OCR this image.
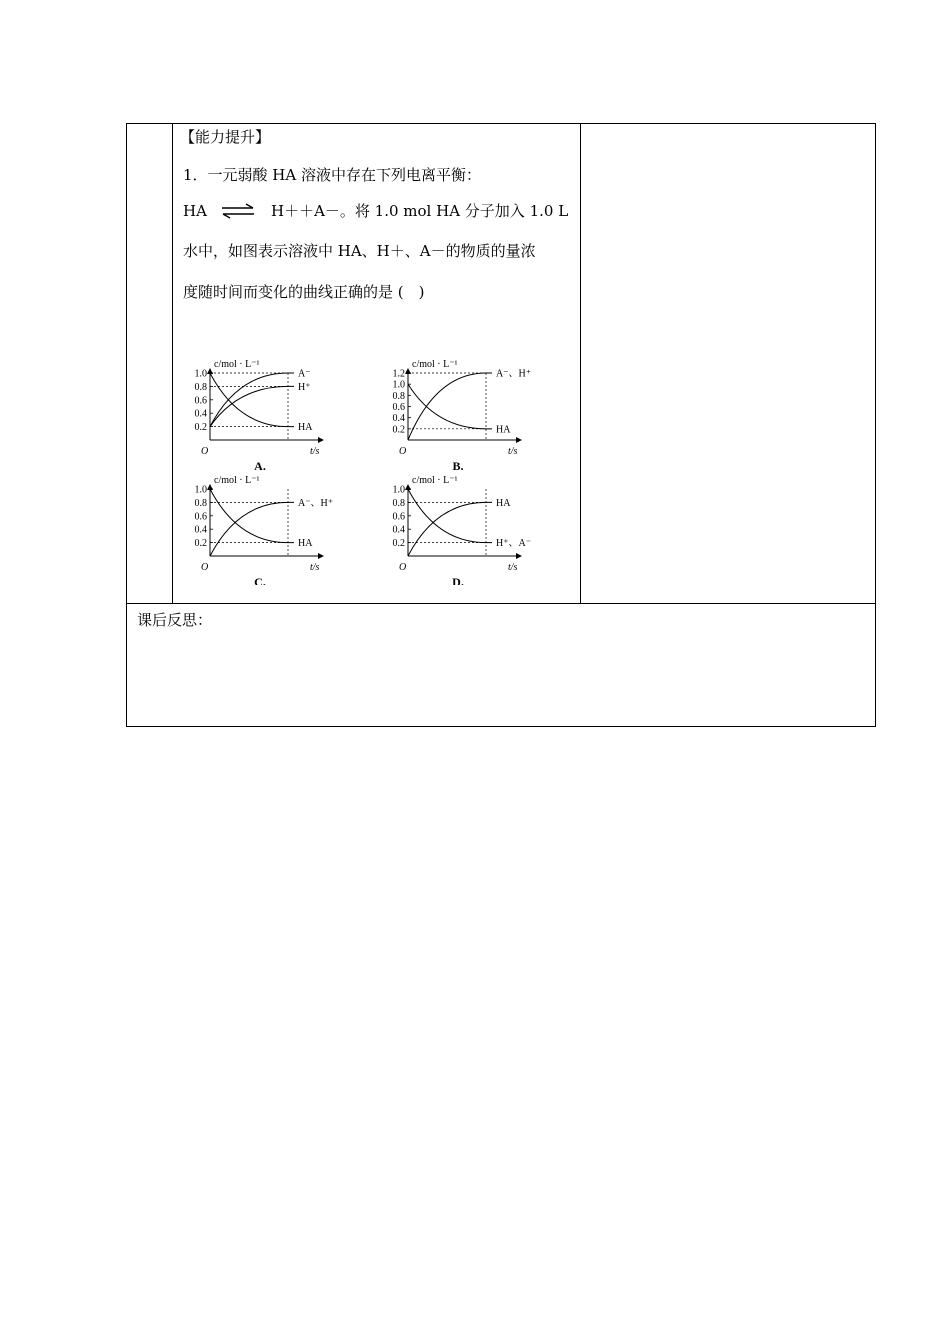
【能力提升】
1．一元弱酸 HA 溶液中存在下列电离平衡：
HA ⇌ H＋＋A－。将 1.0 mol HA 分子加入 1.0 L
水中，如图表示溶液中 HA、H＋、A－的物质的量浓
度随时间而变化的曲线正确的是 (　)
c/mol · L⁻¹
t/s
O
1.0
0.8
0.6
0.4
0.2
A⁻
H⁺
HA
A.
c/mol · L⁻¹
t/s
O
1.2
1.0
0.8
0.6
0.4
0.2
A⁻、H⁺
HA
B.
c/mol · L⁻¹
t/s
O
1.0
0.8
0.6
0.4
0.2
A⁻、H⁺
HA
C.
c/mol · L⁻¹
t/s
O
1.0
0.8
0.6
0.4
0.2
HA
H⁺、A⁻
D.
课后反思：
